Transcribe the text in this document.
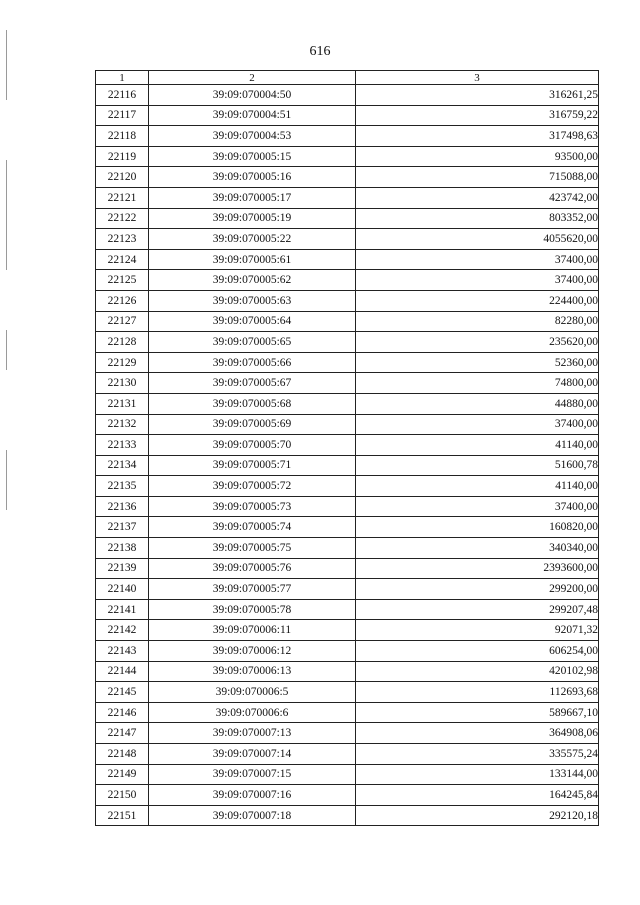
616
1	2	3
22116	39:09:070004:50	316261,25
22117	39:09:070004:51	316759,22
22118	39:09:070004:53	317498,63
22119	39:09:070005:15	93500,00
22120	39:09:070005:16	715088,00
22121	39:09:070005:17	423742,00
22122	39:09:070005:19	803352,00
22123	39:09:070005:22	4055620,00
22124	39:09:070005:61	37400,00
22125	39:09:070005:62	37400,00
22126	39:09:070005:63	224400,00
22127	39:09:070005:64	82280,00
22128	39:09:070005:65	235620,00
22129	39:09:070005:66	52360,00
22130	39:09:070005:67	74800,00
22131	39:09:070005:68	44880,00
22132	39:09:070005:69	37400,00
22133	39:09:070005:70	41140,00
22134	39:09:070005:71	51600,78
22135	39:09:070005:72	41140,00
22136	39:09:070005:73	37400,00
22137	39:09:070005:74	160820,00
22138	39:09:070005:75	340340,00
22139	39:09:070005:76	2393600,00
22140	39:09:070005:77	299200,00
22141	39:09:070005:78	299207,48
22142	39:09:070006:11	92071,32
22143	39:09:070006:12	606254,00
22144	39:09:070006:13	420102,98
22145	39:09:070006:5	112693,68
22146	39:09:070006:6	589667,10
22147	39:09:070007:13	364908,06
22148	39:09:070007:14	335575,24
22149	39:09:070007:15	133144,00
22150	39:09:070007:16	164245,84
22151	39:09:070007:18	292120,18
